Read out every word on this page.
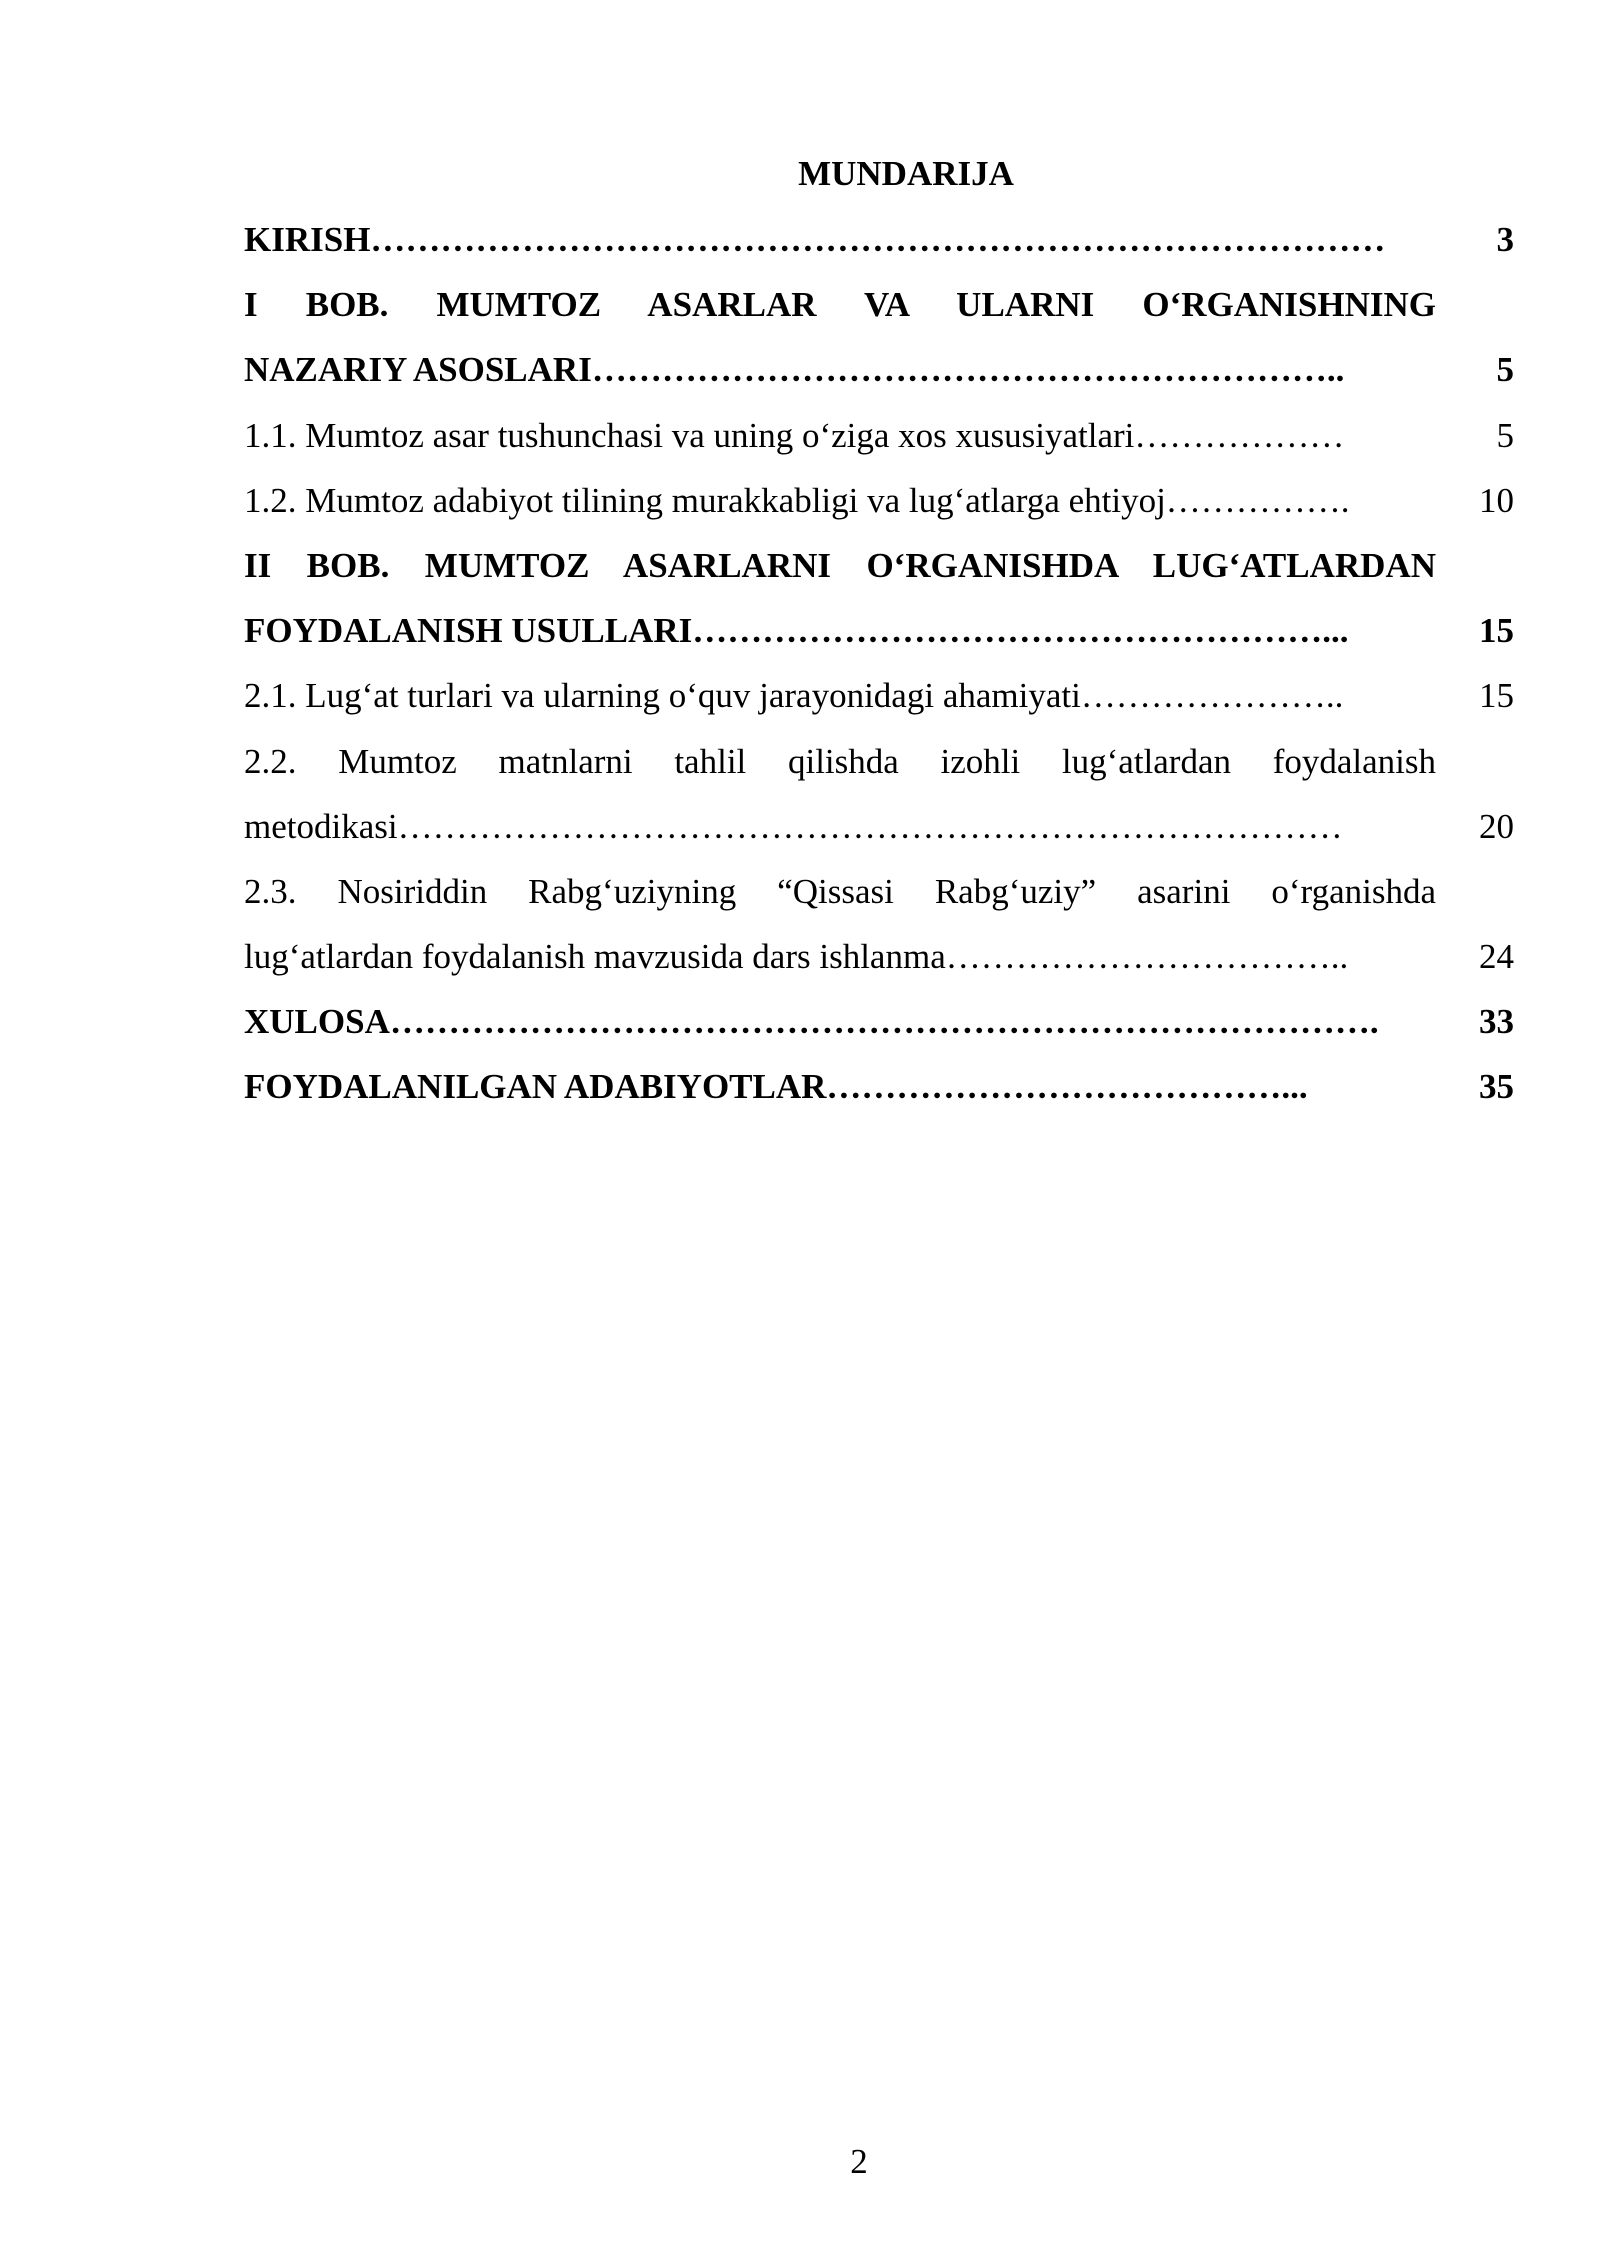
MUNDARIJA
KIRISH……………………………………………………………………………	3
I BOB. MUMTOZ ASARLAR VA ULARNI O‘RGANISHNING
NAZARIY ASOSLARI………………………………………………………..	5
1.1. Mumtoz asar tushunchasi va uning o‘ziga xos xususiyatlari………………	5
1.2. Mumtoz adabiyot tilining murakkabligi va lug‘atlarga ehtiyoj…………….	10
II BOB. MUMTOZ ASARLARNI O‘RGANISHDA LUG‘ATLARDAN
FOYDALANISH USULLARI………………………………………………...	15
2.1. Lug‘at turlari va ularning o‘quv jarayonidagi ahamiyati…………………..	15
2.2. Mumtoz matnlarni tahlil qilishda izohli lug‘atlardan foydalanish
metodikasi………………………………………………………………………	20
2.3. Nosiriddin Rabg‘uziyning “Qissasi Rabg‘uziy” asarini o‘rganishda
lug‘atlardan foydalanish mavzusida dars ishlanma……………………………..	24
XULOSA………………………………………………………………………….	33
FOYDALANILGAN ADABIYOTLAR…………………………………...	35
2
